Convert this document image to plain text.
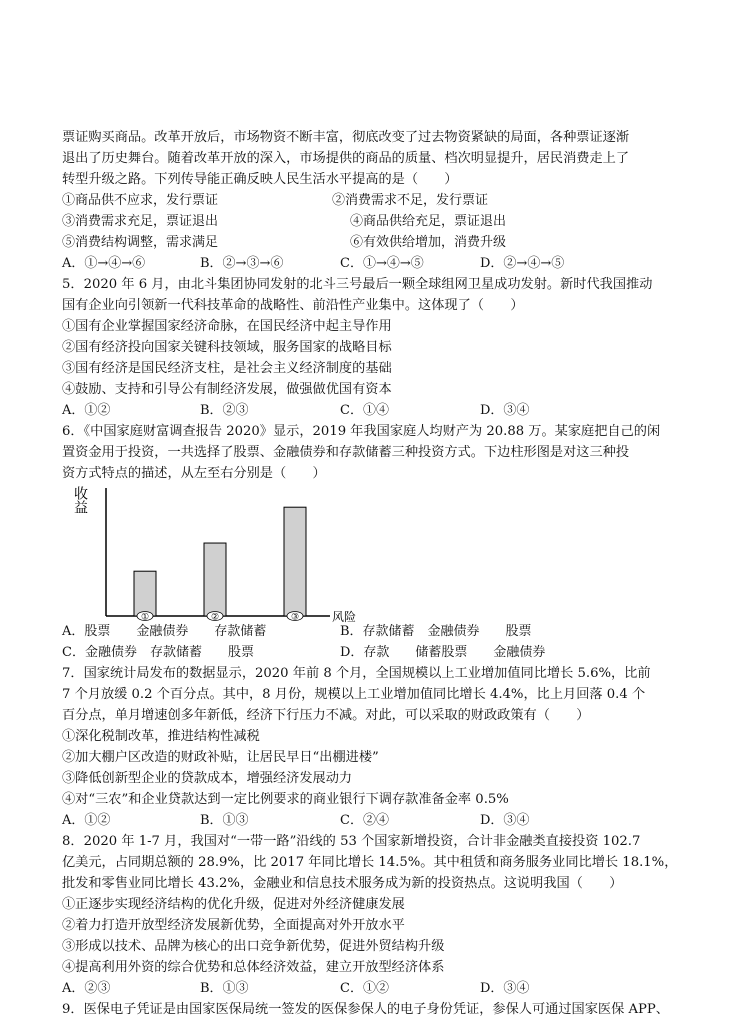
票证购买商品。改革开放后，市场物资不断丰富，彻底改变了过去物资紧缺的局面，各种票证逐渐
退出了历史舞台。随着改革开放的深入，市场提供的商品的质量、档次明显提升，居民消费走上了
转型升级之路。下列传导能正确反映人民生活水平提高的是（　　）
①商品供不应求，发行票证	②消费需求不足，发行票证
③消费需求充足，票证退出	④商品供给充足，票证退出
⑤消费结构调整，需求满足	⑥有效供给增加，消费升级
A．①→④→⑥	B．②→③→⑥	C．①→④→⑤	D．②→④→⑤
5．2020 年 6 月，由北斗集团协同发射的北斗三号最后一颗全球组网卫星成功发射。新时代我国推动
国有企业向引领新一代科技革命的战略性、前沿性产业集中。这体现了（　　）
①国有企业掌握国家经济命脉，在国民经济中起主导作用
②国有经济投向国家关键科技领域，服务国家的战略目标
③国有经济是国民经济支柱，是社会主义经济制度的基础
④鼓励、支持和引导公有制经济发展，做强做优国有资本
A．①②	B．②③	C．①④	D．③④
6．《中国家庭财富调查报告 2020》显示，2019 年我国家庭人均财产为 20.88 万。某家庭把自己的闲
置资金用于投资，一共选择了股票、金融债券和存款储蓄三种投资方式。下边柱形图是对这三种投
资方式特点的描述，从左至右分别是（　　）
收益
风险
①	②	③
A．股票　　金融债券　　存款储蓄	B．存款储蓄　金融债券　　股票
C．金融债券　存款储蓄　　股票	D．存款　　储蓄股票　　金融债券
7．国家统计局发布的数据显示，2020 年前 8 个月，全国规模以上工业增加值同比增长 5.6%，比前
7 个月放缓 0.2 个百分点。其中，8 月份，规模以上工业增加值同比增长 4.4%，比上月回落 0.4 个
百分点，单月增速创多年新低，经济下行压力不减。对此，可以采取的财政政策有（　　）
①深化税制改革，推进结构性减税
②加大棚户区改造的财政补贴，让居民早日“出棚进楼”
③降低创新型企业的贷款成本，增强经济发展动力
④对“三农”和企业贷款达到一定比例要求的商业银行下调存款准备金率 0.5%
A．①②	B．①③	C．②④	D．③④
8．2020 年 1-7 月，我国对“一带一路”沿线的 53 个国家新增投资，合计非金融类直接投资 102.7
亿美元，占同期总额的 28.9%，比 2017 年同比增长 14.5%。其中租赁和商务服务业同比增长 18.1%，
批发和零售业同比增长 43.2%，金融业和信息技术服务成为新的投资热点。这说明我国（　　）
①正逐步实现经济结构的优化升级，促进对外经济健康发展
②着力打造开放型经济发展新优势，全面提高对外开放水平
③形成以技术、品牌为核心的出口竞争新优势，促进外贸结构升级
④提高利用外资的综合优势和总体经济效益，建立开放型经济体系
A．②③	B．①③	C．①②	D．③④
9．医保电子凭证是由国家医保局统一签发的医保参保人的电子身份凭证，参保人可通过国家医保 APP、
